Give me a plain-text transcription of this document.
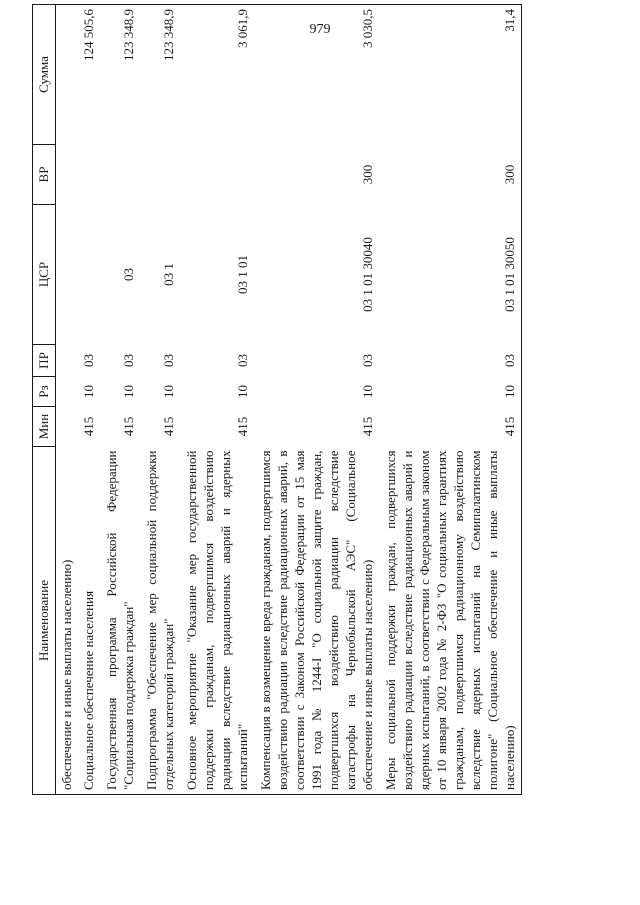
979
Наименование	Мин	Рз	ПР	ЦСР	ВР	Сумма
обеспечение и иные выплаты населению)						
Социальное обеспечение населения	415	10	03			124 505,6
Государственная программа Российской Федерации "Социальная поддержка граждан"	415	10	03	03		123 348,9
Подпрограмма "Обеспечение мер социальной поддержки отдельных категорий граждан"	415	10	03	03 1		123 348,9
Основное мероприятие "Оказание мер государственной поддержки гражданам, подвергшимся воздействию радиации вследствие радиационных аварий и ядерных испытаний"	415	10	03	03 1 01		3 061,9
Компенсация в возмещение вреда гражданам, подвергшимся воздействию радиации вследствие радиационных аварий, в соответствии с Законом Российской Федерации от 15 мая 1991 года № 1244-I "О социальной защите граждан, подвергшихся воздействию радиации вследствие катастрофы на Чернобыльской АЭС" (Социальное обеспечение и иные выплаты населению)	415	10	03	03 1 01 30040	300	3 030,5
Меры социальной поддержки граждан, подвергшихся воздействию радиации вследствие радиационных аварий и ядерных испытаний, в соответствии с Федеральным законом от 10 января 2002 года № 2-ФЗ "О социальных гарантиях гражданам, подвергшимся радиационному воздействию вследствие ядерных испытаний на Семипалатинском полигоне" (Социальное обеспечение и иные выплаты населению)	415	10	03	03 1 01 30050	300	31,4
